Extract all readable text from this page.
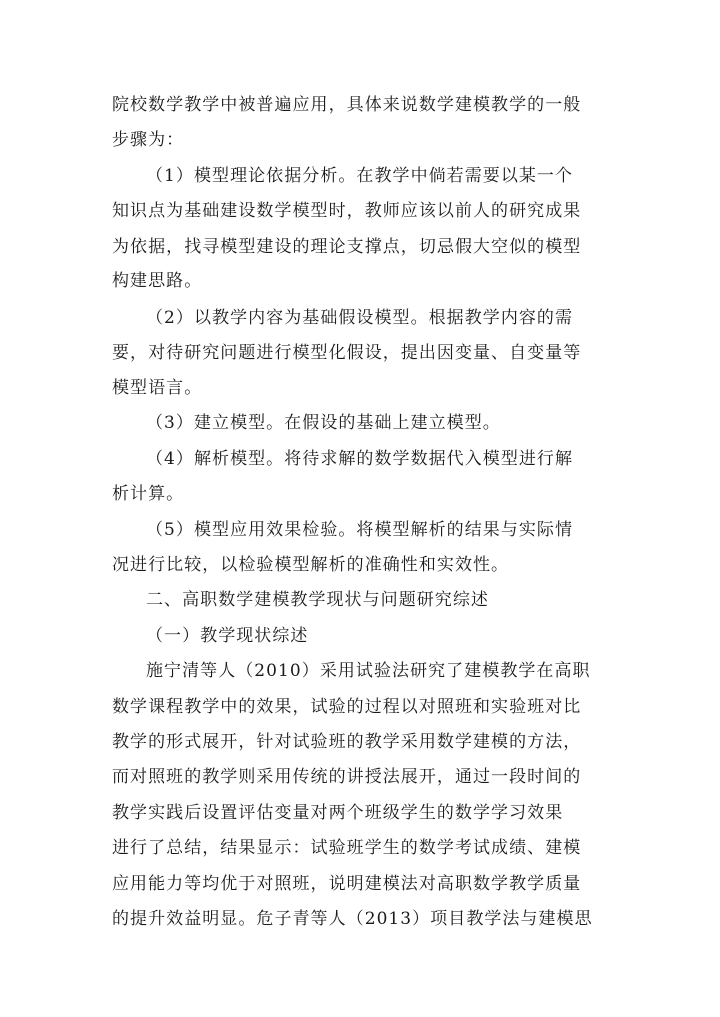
院校数学教学中被普遍应用，具体来说数学建模教学的一般
步骤为：
（1）模型理论依据分析。在教学中倘若需要以某一个
知识点为基础建设数学模型时，教师应该以前人的研究成果
为依据，找寻模型建设的理论支撑点，切忌假大空似的模型
构建思路。
（2）以教学内容为基础假设模型。根据教学内容的需
要，对待研究问题进行模型化假设，提出因变量、自变量等
模型语言。
（3）建立模型。在假设的基础上建立模型。
（4）解析模型。将待求解的数学数据代入模型进行解
析计算。
（5）模型应用效果检验。将模型解析的结果与实际情
况进行比较，以检验模型解析的准确性和实效性。
二、高职数学建模教学现状与问题研究综述
（一）教学现状综述
施宁清等人（2010）采用试验法研究了建模教学在高职
数学课程教学中的效果，试验的过程以对照班和实验班对比
教学的形式展开，针对试验班的教学采用数学建模的方法，
而对照班的教学则采用传统的讲授法展开，通过一段时间的
教学实践后设置评估变量对两个班级学生的数学学习效果
进行了总结，结果显示：试验班学生的数学考试成绩、建模
应用能力等均优于对照班，说明建模法对高职数学教学质量
的提升效益明显。危子青等人（2013）项目教学法与建模思
